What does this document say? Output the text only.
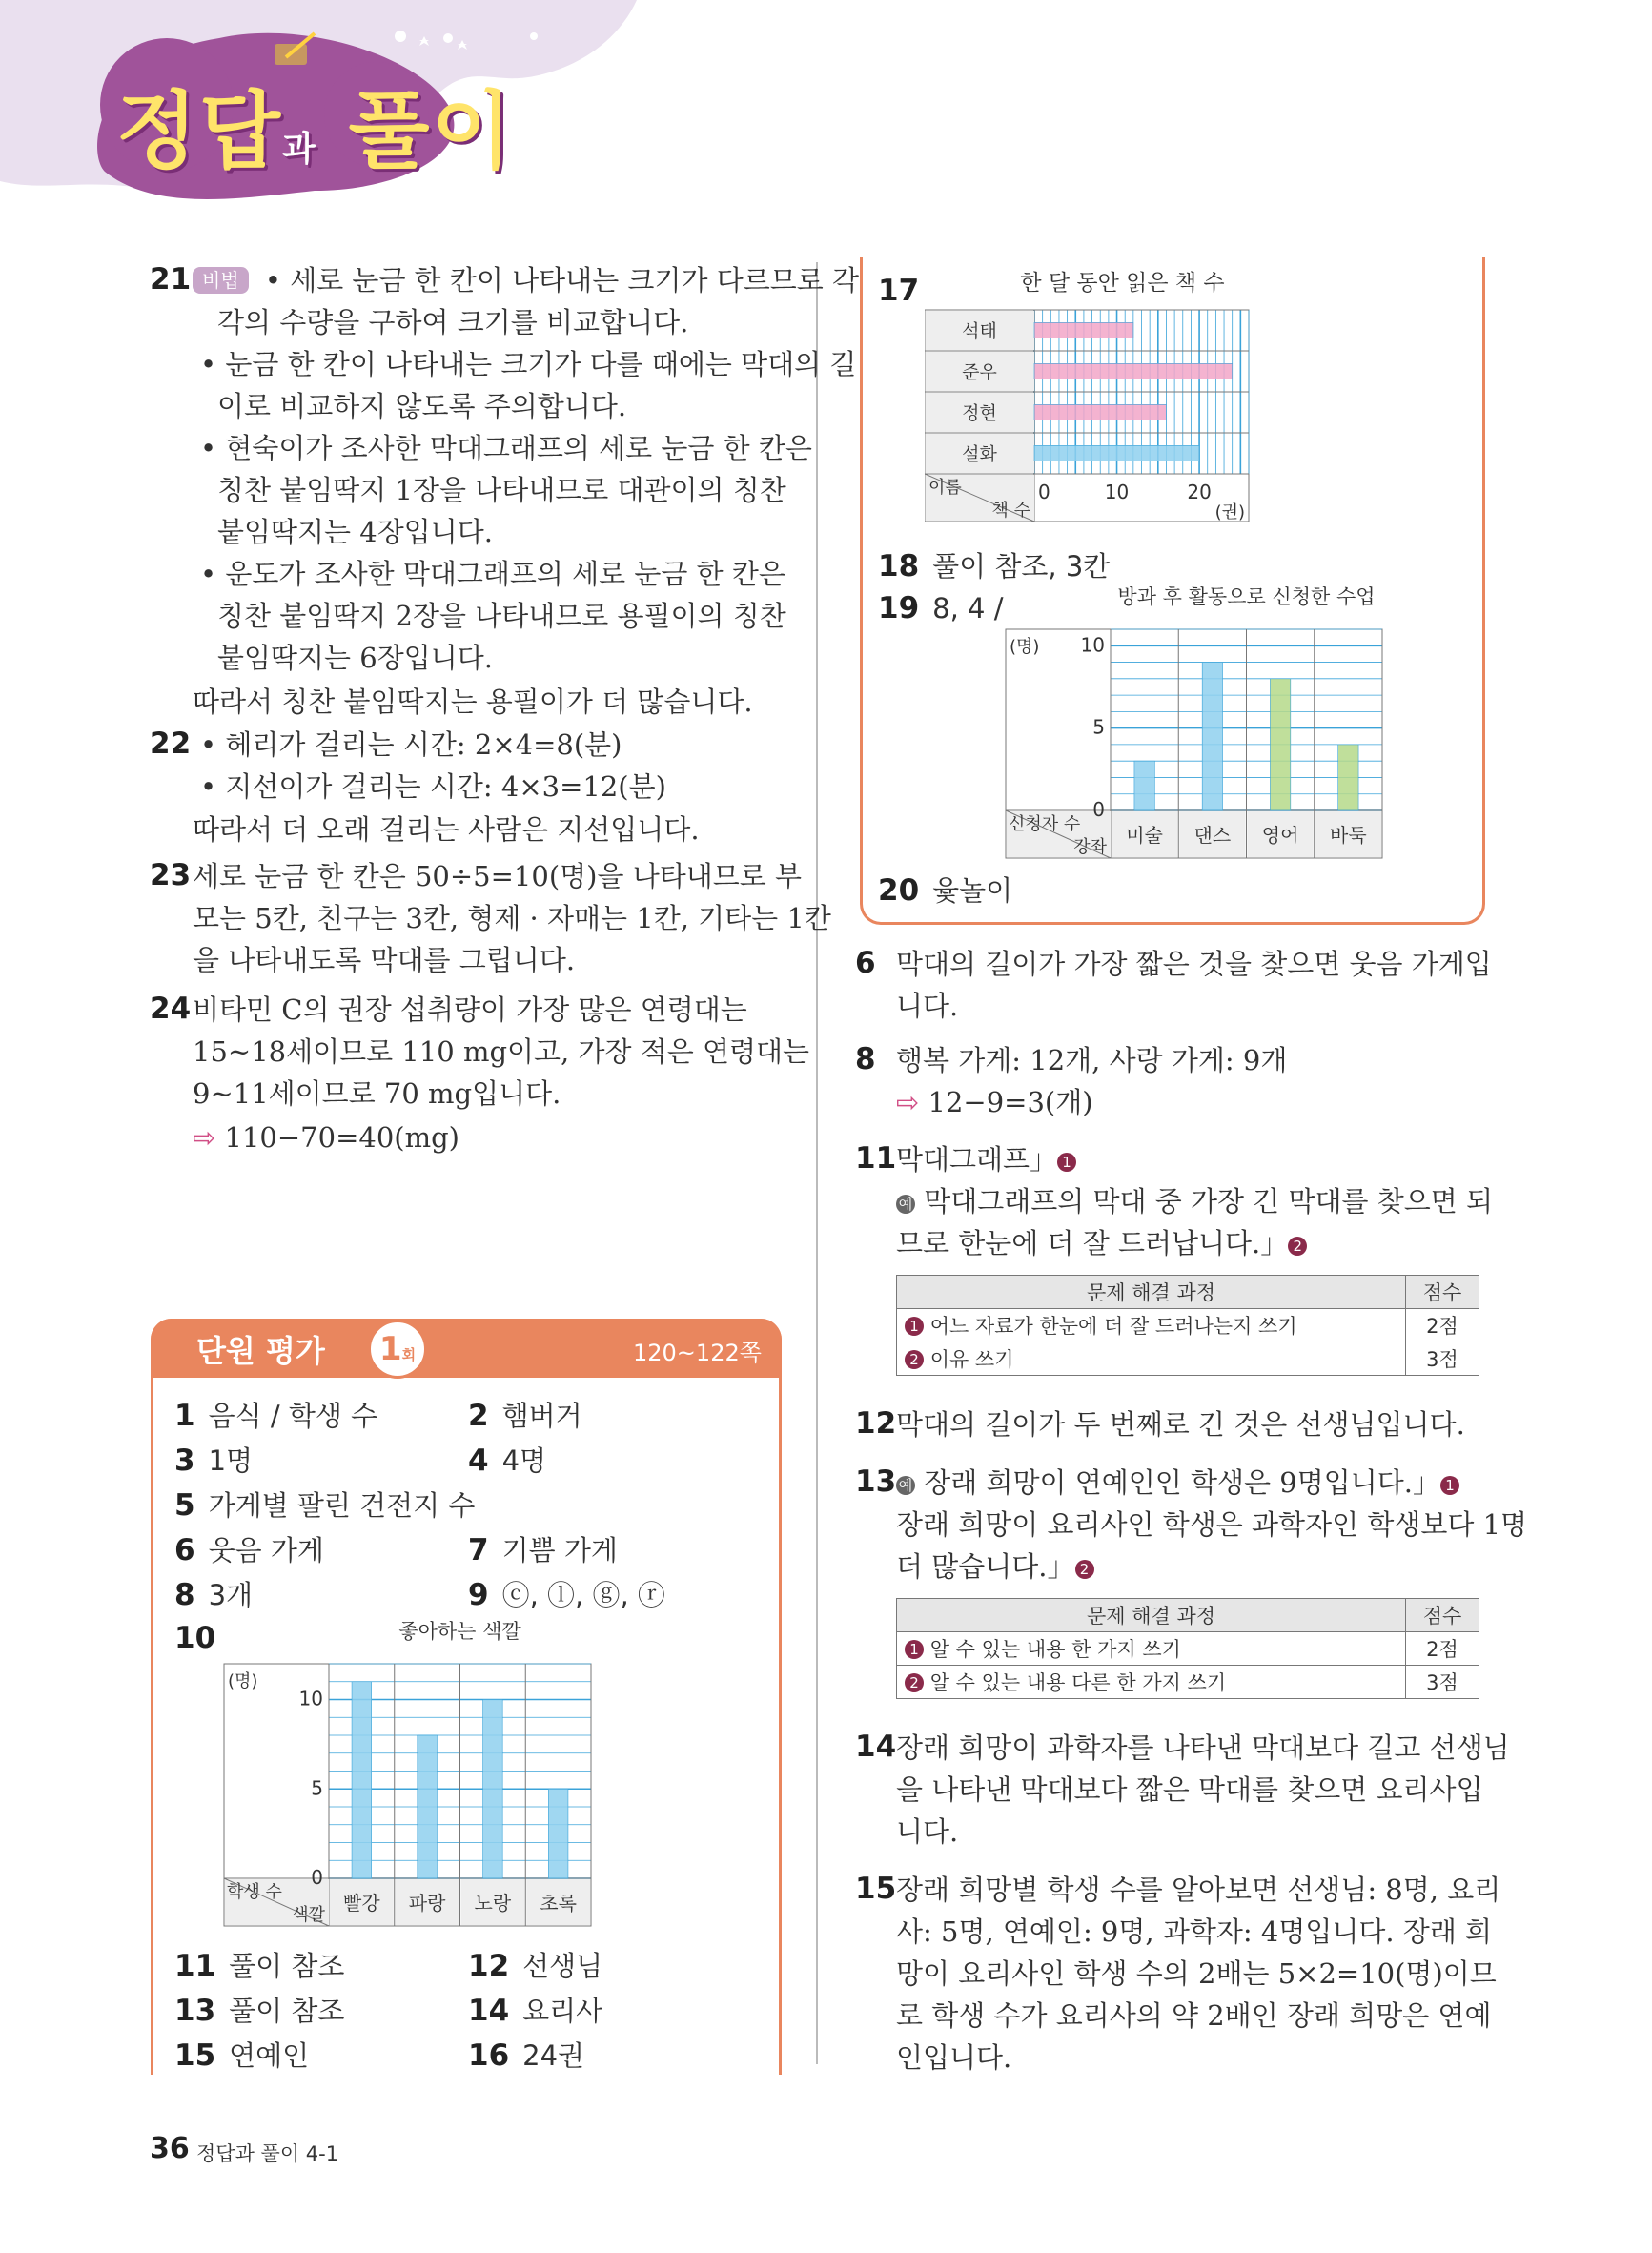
정답과 풀이
21 비법 • 세로 눈금 한 칸이 나타내는 크기가 다르므로 각
각의 수량을 구하여 크기를 비교합니다.
• 눈금 한 칸이 나타내는 크기가 다를 때에는 막대의 길
이로 비교하지 않도록 주의합니다.
• 현숙이가 조사한 막대그래프의 세로 눈금 한 칸은
칭찬 붙임딱지 1장을 나타내므로 대관이의 칭찬
붙임딱지는 4장입니다.
• 운도가 조사한 막대그래프의 세로 눈금 한 칸은
칭찬 붙임딱지 2장을 나타내므로 용필이의 칭찬
붙임딱지는 6장입니다.
따라서 칭찬 붙임딱지는 용필이가 더 많습니다.
22 • 헤리가 걸리는 시간: 2×4=8(분)
• 지선이가 걸리는 시간: 4×3=12(분)
따라서 더 오래 걸리는 사람은 지선입니다.
23 세로 눈금 한 칸은 50÷5=10(명)을 나타내므로 부
모는 5칸, 친구는 3칸, 형제 · 자매는 1칸, 기타는 1칸
을 나타내도록 막대를 그립니다.
24 비타민 C의 권장 섭취량이 가장 많은 연령대는
15~18세이므로 110 mg이고, 가장 적은 연령대는
9~11세이므로 70 mg입니다.
⇨ 110−70=40(mg)
단원 평가	1회	120~122쪽
1 음식 / 학생 수	2 햄버거
3 1명	4 4명
5 가게별 팔린 건전지 수
6 웃음 가게	7 기쁨 가게
8 3개	9 ⓒ, ⓛ, ⓖ, ⓡ
10	좋아하는 색깔
학생 수
색깔
(명)
0
5
10
빨강 파랑 노랑 초록
11 풀이 참조	12 선생님
13 풀이 참조	14 요리사
15 연예인	16 24권
17	한 달 동안 읽은 책 수
이름
책 수
0	10	20
(권)
석태
준우
정현
설화
18 풀이 참조, 3칸
19 8, 4 /	방과 후 활동으로 신청한 수업
신청자 수
강좌
(명)
0
5
10
미술 댄스 영어 바둑
20 윷놀이
6 막대의 길이가 가장 짧은 것을 찾으면 웃음 가게입
니다.
8 행복 가게: 12개, 사랑 가게: 9개
⇨ 12−9=3(개)
11 막대그래프」 1
예 막대그래프의 막대 중 가장 긴 막대를 찾으면 되
므로 한눈에 더 잘 드러납니다.」 2
문제 해결 과정	점수
1 어느 자료가 한눈에 더 잘 드러나는지 쓰기	2점
2 이유 쓰기	3점
12 막대의 길이가 두 번째로 긴 것은 선생님입니다.
13 예 장래 희망이 연예인인 학생은 9명입니다.」 1
장래 희망이 요리사인 학생은 과학자인 학생보다 1명
더 많습니다.」 2
문제 해결 과정	점수
1 알 수 있는 내용 한 가지 쓰기	2점
2 알 수 있는 내용 다른 한 가지 쓰기	3점
14 장래 희망이 과학자를 나타낸 막대보다 길고 선생님
을 나타낸 막대보다 짧은 막대를 찾으면 요리사입
니다.
15 장래 희망별 학생 수를 알아보면 선생님: 8명, 요리
사: 5명, 연예인: 9명, 과학자: 4명입니다. 장래 희
망이 요리사인 학생 수의 2배는 5×2=10(명)이므
로 학생 수가 요리사의 약 2배인 장래 희망은 연예
인입니다.
36 정답과 풀이 4-1
